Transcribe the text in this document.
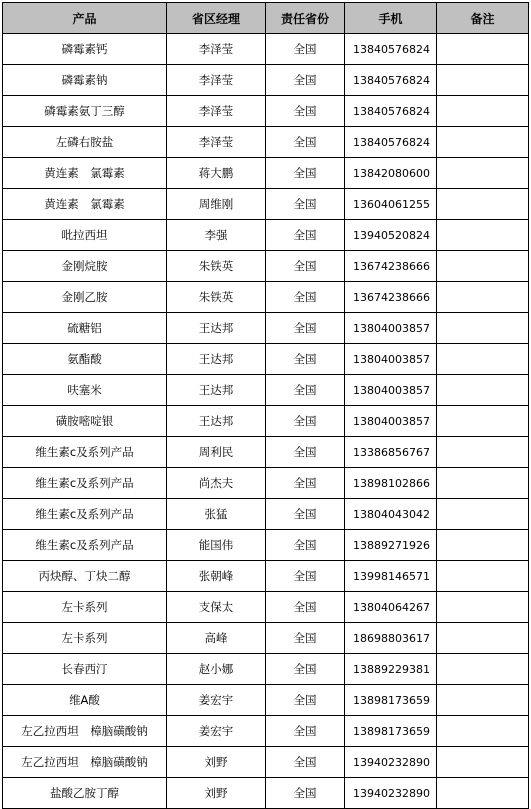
产品	省区经理	责任省份	手机	备注
磷霉素钙	李泽莹	全国	13840576824	
磷霉素钠	李泽莹	全国	13840576824	
磷霉素氨丁三醇	李泽莹	全国	13840576824	
左磷右胺盐	李泽莹	全国	13840576824	
黄连素　氯霉素	蒋大鹏	全国	13842080600	
黄连素　氯霉素	周维刚	全国	13604061255	
吡拉西坦	李强	全国	13940520824	
金刚烷胺	朱铁英	全国	13674238666	
金刚乙胺	朱铁英	全国	13674238666	
硫糖铝	王达邦	全国	13804003857	
氨酯酸	王达邦	全国	13804003857	
呋塞米	王达邦	全国	13804003857	
磺胺嘧啶银	王达邦	全国	13804003857	
维生素c及系列产品	周利民	全国	13386856767	
维生素c及系列产品	尚杰夫	全国	13898102866	
维生素c及系列产品	张猛	全国	13804043042	
维生素c及系列产品	能国伟	全国	13889271926	
丙炔醇、丁炔二醇	张朝峰	全国	13998146571	
左卡系列	支保太	全国	13804064267	
左卡系列	高峰	全国	18698803617	
长春西汀	赵小娜	全国	13889229381	
维A酸	姜宏宇	全国	13898173659	
左乙拉西坦　樟脑磺酸钠	姜宏宇	全国	13898173659	
左乙拉西坦　樟脑磺酸钠	刘野	全国	13940232890	
盐酸乙胺丁醇	刘野	全国	13940232890	
